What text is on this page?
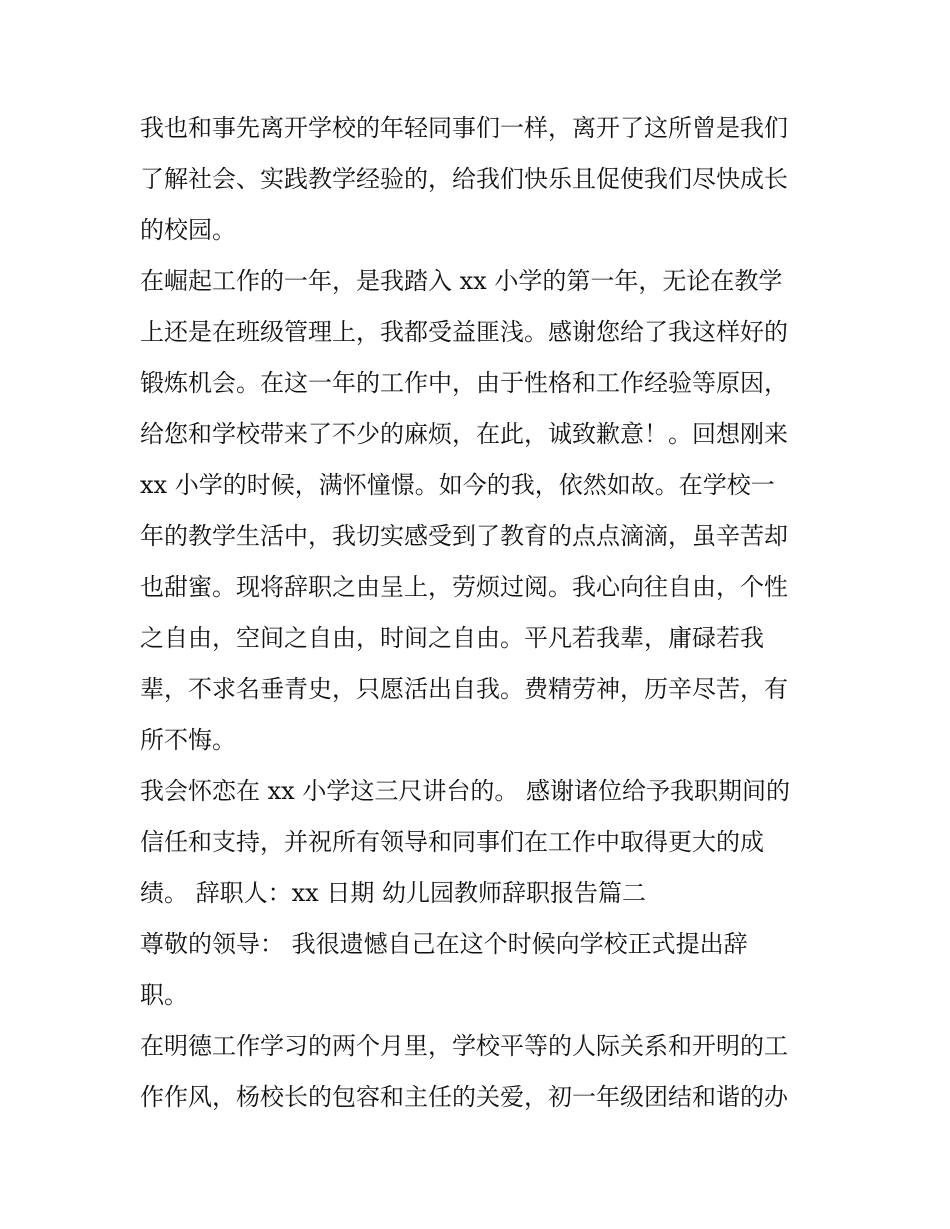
我也和事先离开学校的年轻同事们一样，离开了这所曾是我们
了解社会、实践教学经验的，给我们快乐且促使我们尽快成长
的校园。
在崛起工作的一年，是我踏入 xx 小学的第一年，无论在教学
上还是在班级管理上，我都受益匪浅。感谢您给了我这样好的
锻炼机会。在这一年的工作中，由于性格和工作经验等原因，
给您和学校带来了不少的麻烦，在此，诚致歉意！。回想刚来
xx 小学的时候，满怀憧憬。如今的我，依然如故。在学校一
年的教学生活中，我切实感受到了教育的点点滴滴，虽辛苦却
也甜蜜。现将辞职之由呈上，劳烦过阅。我心向往自由，个性
之自由，空间之自由，时间之自由。平凡若我辈，庸碌若我
辈，不求名垂青史，只愿活出自我。费精劳神，历辛尽苦，有
所不悔。
我会怀恋在 xx 小学这三尺讲台的。 感谢诸位给予我职期间的
信任和支持，并祝所有领导和同事们在工作中取得更大的成
绩。 辞职人：xx 日期 幼儿园教师辞职报告篇二
尊敬的领导： 我很遗憾自己在这个时候向学校正式提出辞
职。
在明德工作学习的两个月里，学校平等的人际关系和开明的工
作作风，杨校长的包容和主任的关爱，初一年级团结和谐的办
